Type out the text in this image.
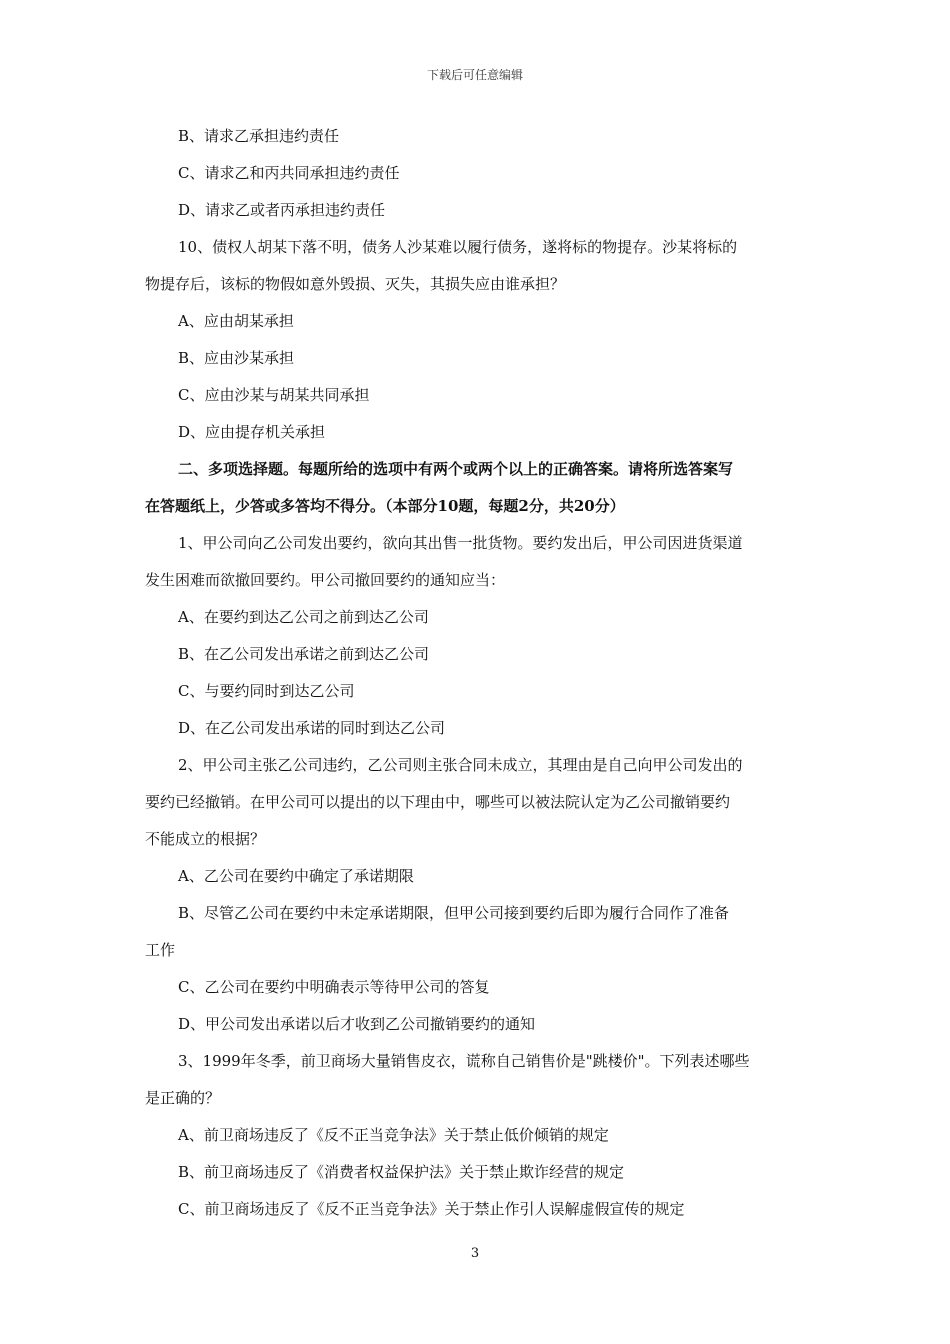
下载后可任意编辑
B、请求乙承担违约责任
C、请求乙和丙共同承担违约责任
D、请求乙或者丙承担违约责任
10、债权人胡某下落不明，债务人沙某难以履行债务，遂将标的物提存。沙某将标的
物提存后，该标的物假如意外毁损、灭失，其损失应由谁承担？
A、应由胡某承担
B、应由沙某承担
C、应由沙某与胡某共同承担
D、应由提存机关承担
二、多项选择题。每题所给的选项中有两个或两个以上的正确答案。请将所选答案写
在答题纸上，少答或多答均不得分。（本部分10题，每题2分，共20分）
1、甲公司向乙公司发出要约，欲向其出售一批货物。要约发出后，甲公司因进货渠道
发生困难而欲撤回要约。甲公司撤回要约的通知应当：
A、在要约到达乙公司之前到达乙公司
B、在乙公司发出承诺之前到达乙公司
C、与要约同时到达乙公司
D、在乙公司发出承诺的同时到达乙公司
2、甲公司主张乙公司违约，乙公司则主张合同未成立，其理由是自己向甲公司发出的
要约已经撤销。在甲公司可以提出的以下理由中，哪些可以被法院认定为乙公司撤销要约
不能成立的根据？
A、乙公司在要约中确定了承诺期限
B、尽管乙公司在要约中未定承诺期限，但甲公司接到要约后即为履行合同作了准备
工作
C、乙公司在要约中明确表示等待甲公司的答复
D、甲公司发出承诺以后才收到乙公司撤销要约的通知
3、1999年冬季，前卫商场大量销售皮衣，谎称自己销售价是"跳楼价"。下列表述哪些
是正确的？
A、前卫商场违反了《反不正当竞争法》关于禁止低价倾销的规定
B、前卫商场违反了《消费者权益保护法》关于禁止欺诈经营的规定
C、前卫商场违反了《反不正当竞争法》关于禁止作引人误解虚假宣传的规定
3
